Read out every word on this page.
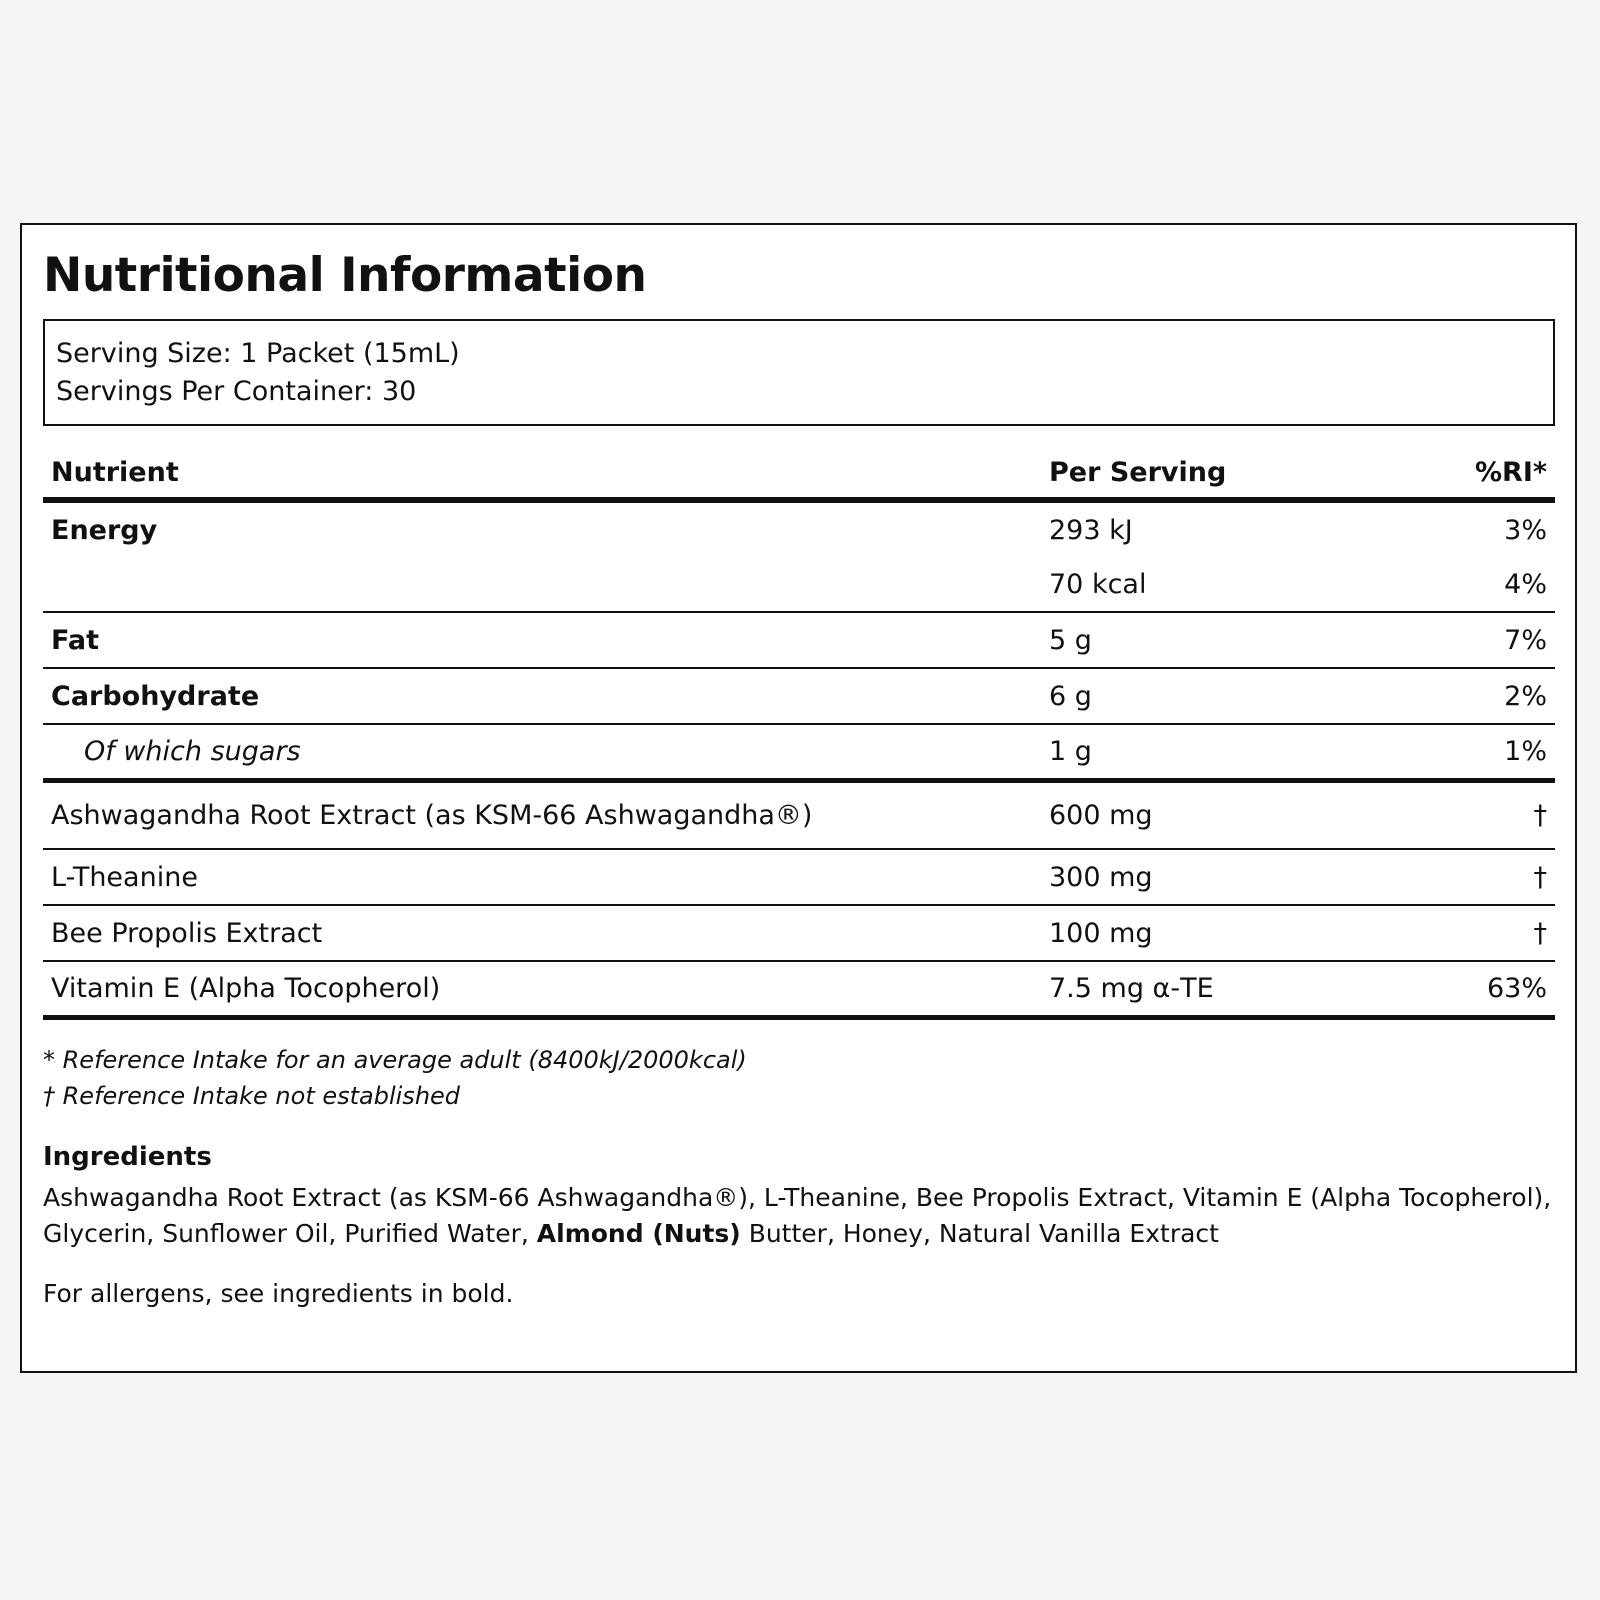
Nutritional Information
Serving Size: 1 Packet (15mL)
Servings Per Container: 30
Nutrient	Per Serving	%RI*
Energy	293 kJ	3%
70 kcal	4%
Fat	5 g	7%
Carbohydrate	6 g	2%
Of which sugars	1 g	1%
Ashwagandha Root Extract (as KSM-66 Ashwagandha®)	600 mg	†
L-Theanine	300 mg	†
Bee Propolis Extract	100 mg	†
Vitamin E (Alpha Tocopherol)	7.5 mg α-TE	63%
* Reference Intake for an average adult (8400kJ/2000kcal)
† Reference Intake not established
Ingredients
Ashwagandha Root Extract (as KSM-66 Ashwagandha®), L-Theanine, Bee Propolis Extract, Vitamin E (Alpha Tocopherol), Glycerin, Sunflower Oil, Purified Water, Almond (Nuts) Butter, Honey, Natural Vanilla Extract
For allergens, see ingredients in bold.
